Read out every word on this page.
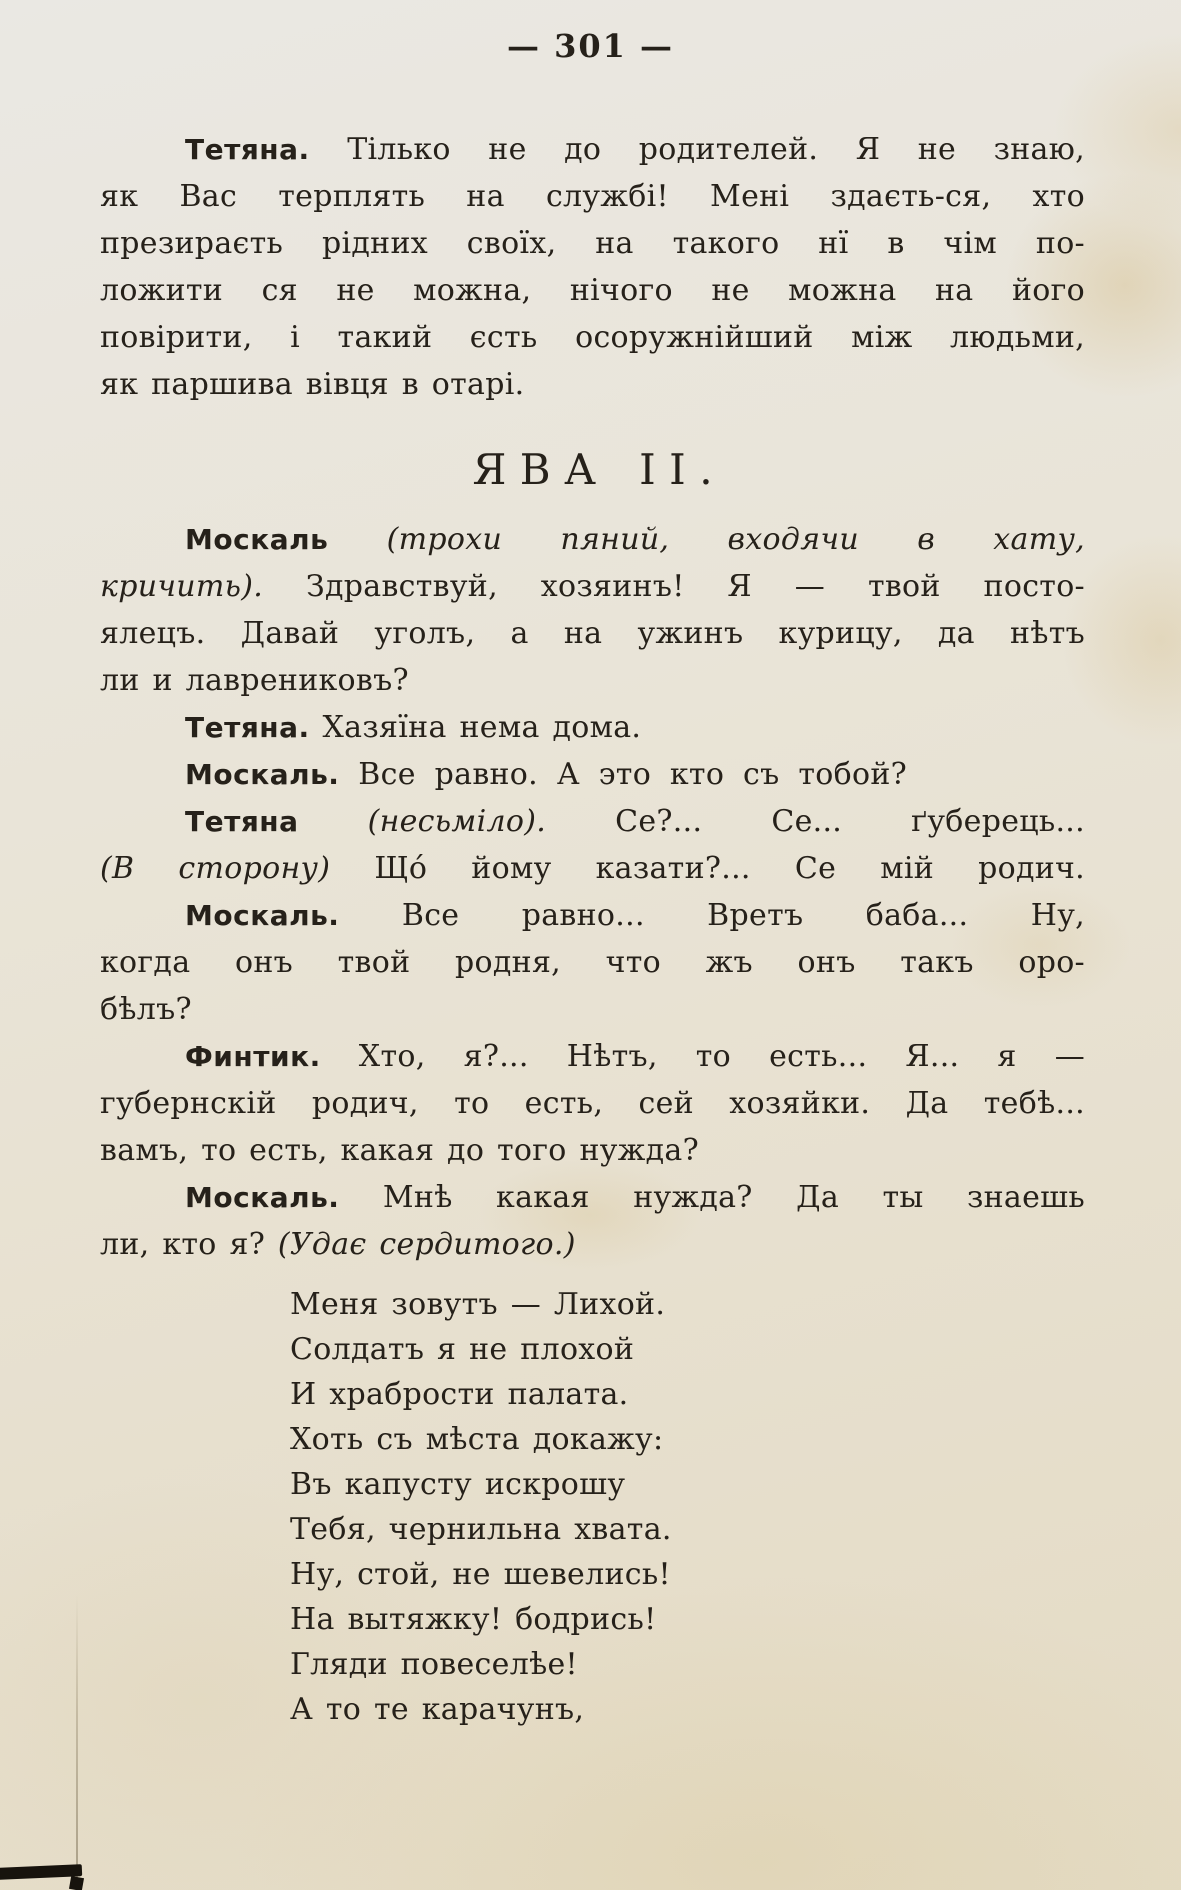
— 301 —
Тетяна. Тілько не до родителей. Я не знаю,
як Вас терплять на службі! Мені здаєть-ся, хто
презираєть рідних своїх, на такого нї в чім по-
ложити ся не можна, нічого не можна на його
повірити, і такий єсть осоружнійший між людьми,
як паршива вівця в отарі.
ЯВА II.
Москаль (трохи пяний, входячи в хату,
кричить). Здравствуй, хозяинъ! Я — твой посто-
ялецъ. Давай уголъ, а на ужинъ курицу, да нѣтъ
ли и лаврениковъ?
Тетяна. Хазяїна нема дома.
Москаль. Все равно. А это кто съ тобой?
Тетяна (несьміло). Се?... Се... ґуберець...
(В сторону) Щó йому казати?... Се мій родич.
Москаль. Все равно... Вретъ баба... Ну,
когда онъ твой родня, что жъ онъ такъ оро-
бѣлъ?
Финтик. Хто, я?... Нѣтъ, то есть... Я... я —
губернскій родич, то есть, сей хозяйки. Да тебѣ...
вамъ, то есть, какая до того нужда?
Москаль. Мнѣ какая нужда? Да ты знаешь
ли, кто я? (Удає сердитого.)
Меня зовутъ — Лихой.
Солдатъ я не плохой
И храбрости палата.
Хоть съ мѣста докажу:
Въ капусту искрошу
Тебя, чернильна хвата.
Ну, стой, не шевелись!
На вытяжку! бодрись!
Гляди повеселѣе!
А то те карачунъ,
